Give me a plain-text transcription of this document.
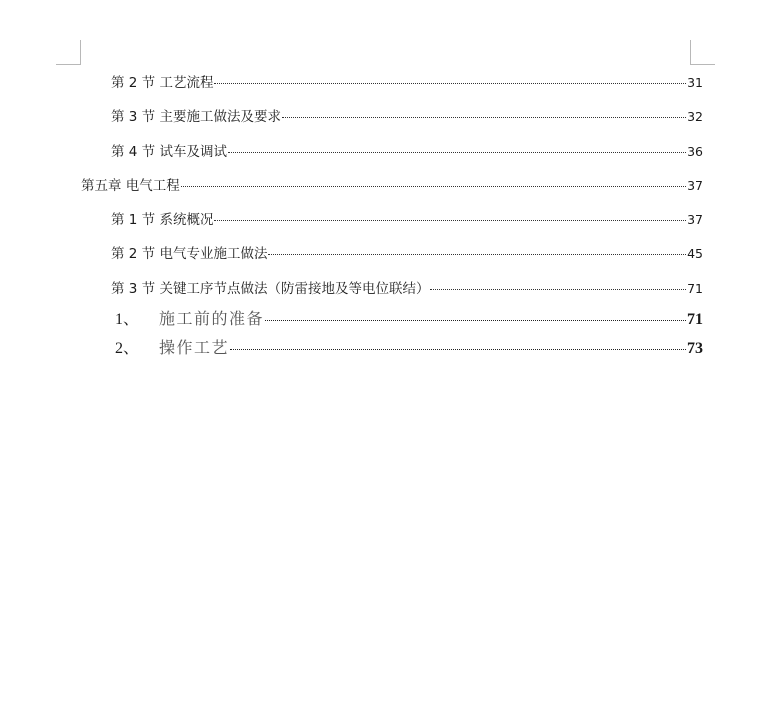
第 2 节 工艺流程	31
第 3 节 主要施工做法及要求	32
第 4 节 试车及调试	36
第五章 电气工程	37
第 1 节 系统概况	37
第 2 节 电气专业施工做法	45
第 3 节 关键工序节点做法（防雷接地及等电位联结）	71
1、 施工前的准备	71
2、 操作工艺	73
